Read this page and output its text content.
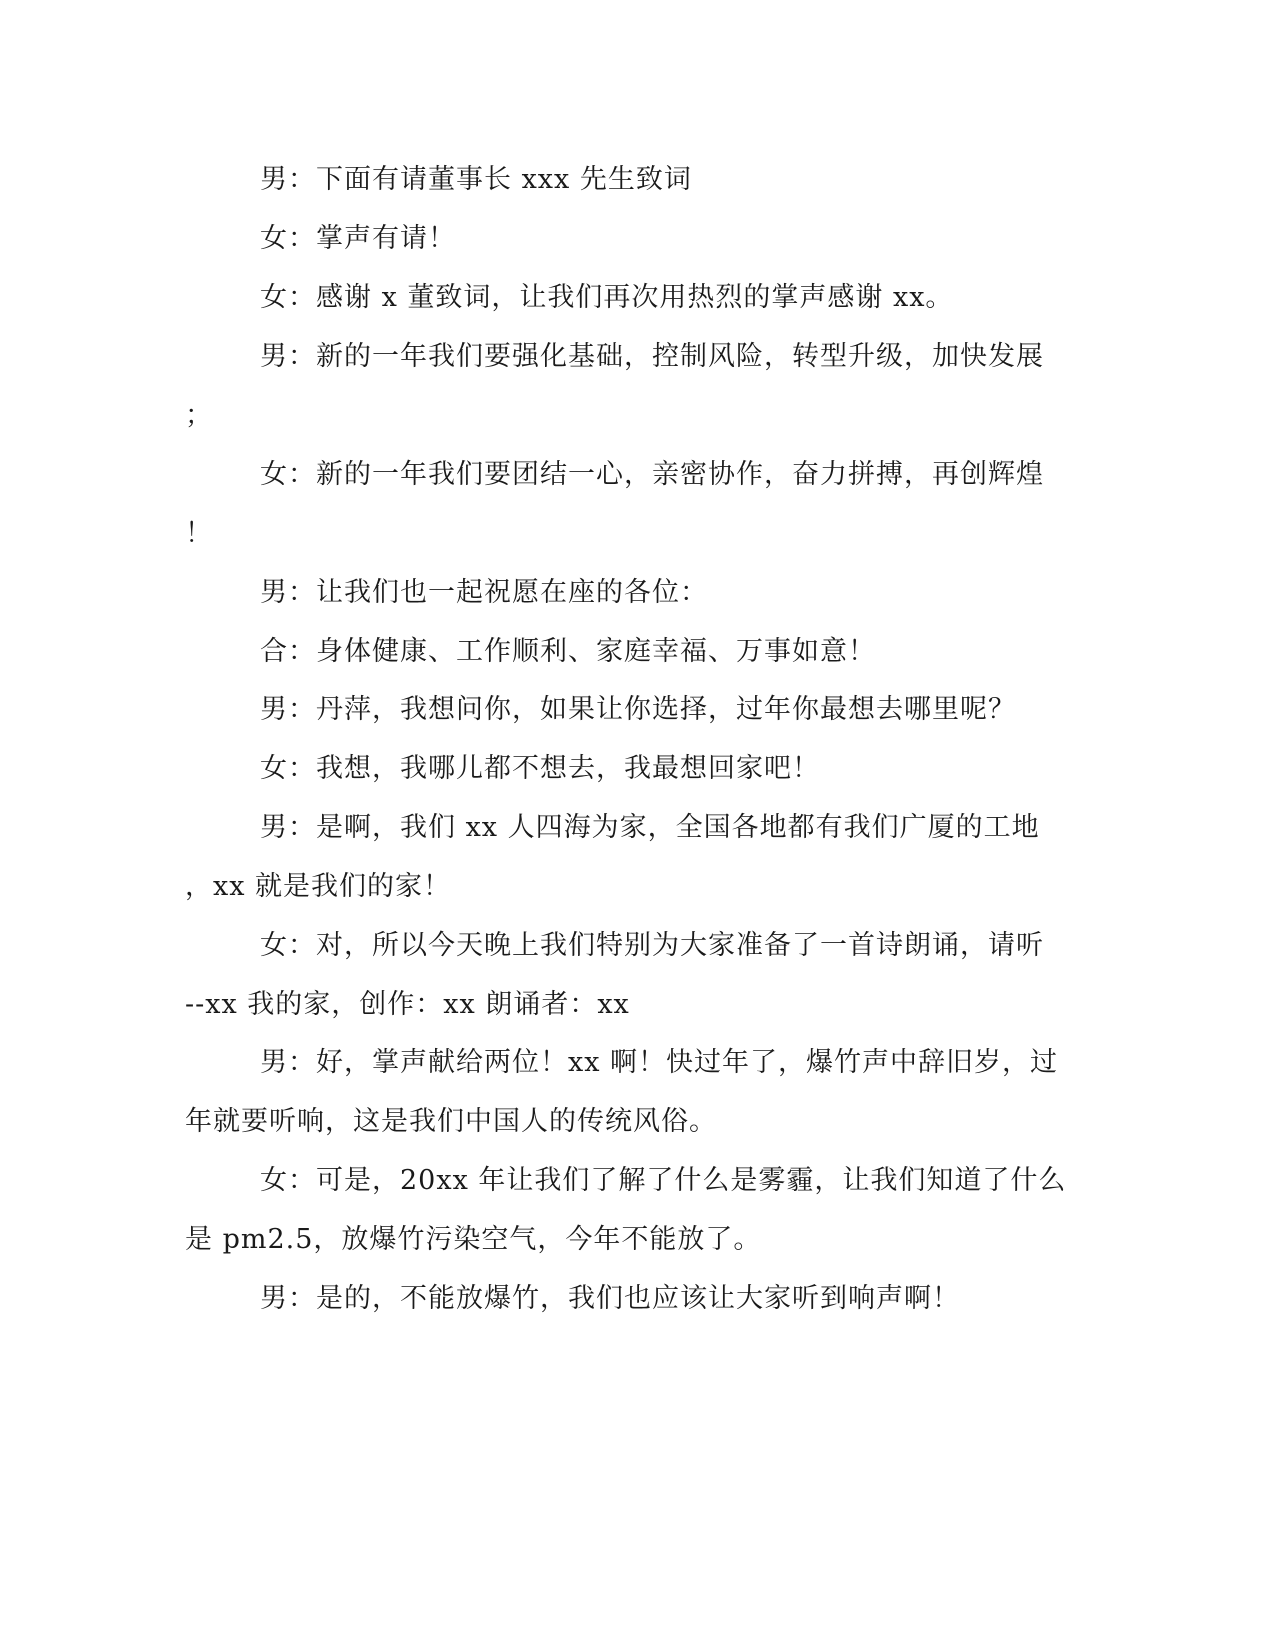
男：下面有请董事长 xxx 先生致词
女：掌声有请！
女：感谢 x 董致词，让我们再次用热烈的掌声感谢 xx。
男：新的一年我们要强化基础，控制风险，转型升级，加快发展
；
女：新的一年我们要团结一心，亲密协作，奋力拼搏，再创辉煌
！
男：让我们也一起祝愿在座的各位：
合：身体健康、工作顺利、家庭幸福、万事如意！
男：丹萍，我想问你，如果让你选择，过年你最想去哪里呢？
女：我想，我哪儿都不想去，我最想回家吧！
男：是啊，我们 xx 人四海为家，全国各地都有我们广厦的工地
，xx 就是我们的家！
女：对，所以今天晚上我们特别为大家准备了一首诗朗诵，请听
--xx 我的家，创作：xx 朗诵者：xx
男：好，掌声献给两位！xx 啊！快过年了，爆竹声中辞旧岁，过
年就要听响，这是我们中国人的传统风俗。
女：可是，20xx 年让我们了解了什么是雾霾，让我们知道了什么
是 pm2.5，放爆竹污染空气，今年不能放了。
男：是的，不能放爆竹，我们也应该让大家听到响声啊！
